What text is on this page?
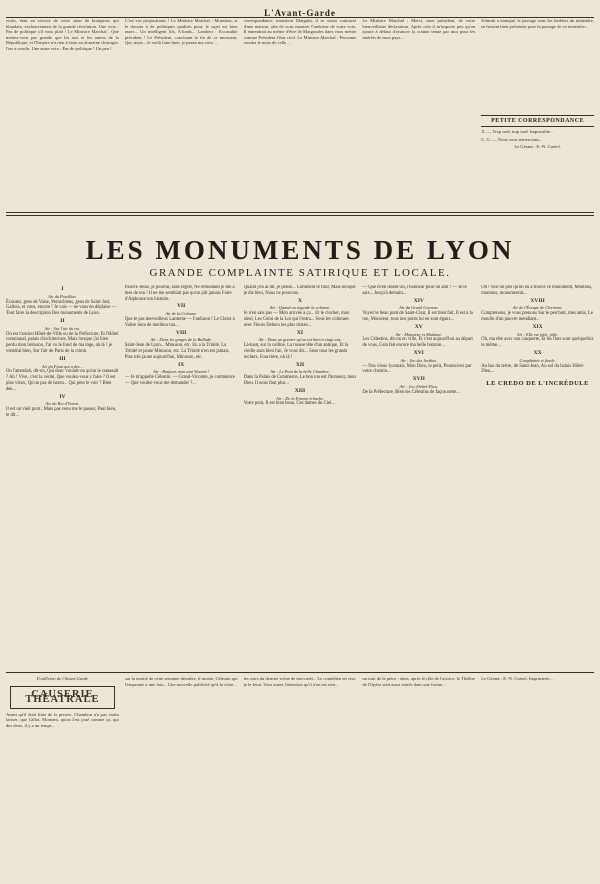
L'Avant-Garde
voies, était au service de votre sieur de bourgeois qui blaudain, exclusivement de la grande révolution. Une voix : Pas de politique s'il vous plaît ! Le Ministre Marchal : Que mettez-vous par grande que les uns et les autres de la République, et l'Empire n'a rien à faire au domaine chirurgie, l'on a conclu. Une autre voix : Pas de politique ! Un peu !
C'est vos propositions ! Le Ministre Marchal : Monsieur, si le dossier à de politiques qualités pour, le sujet est bien assez... Un intelligent fils, A'fonds... Lambert : Excusable président ! Le Président, concluant la fin de ce monsieur. Qui, mais... le voilà faire bien, je pense ma voix. ...
correspondance, monsieur Marguin, il se serait contracté d'une maison, afin de vous montrer l'intérieur de votre voix. Il entendrait au métier d'être de Margoudes dans vous mettre comme Président l'état civil. Le Ministre Marchal : Personne voudra le mois de celle ...
Le Ministre Marchal : Merci, mon président, de votre bienveillante déclaration. Après cela il m'importe peu qu'on ajoute à défaut d'avancer la crainte tenue par moi pour les intérêts de mon pays...
Schmitt a manqué, le passage sous les fenêtres du ministère, se fussent bien présentés pour la passage de ce ministère...
PETITE CORRESPONDANCE
X. — Trop tard, trop tard. Impossible...
C. G. — Nous vous remercions...
Le Gérant : E.-N. Cuérel.
LES MONUMENTS DE LYON
GRANDE COMPLAINTE SATIRIQUE ET LOCALE.
I
Air du Postillon.
Écoutez, gens de Vaise, Perrachiens, gens de Saint-Just, Gallois, et vous, encore ! Je vais — ne vous en déplaise — Tout faire la description Des monuments de Lyon.
II
Air : Sur l'air du roi.
Où est l'ancien Hôtel-de-Ville ou de la Préfecture, Et l'Hôtel communal, palais d'architecture, Mais lorsque j'ai bien perdu mon hérisson, J'ai vu le fond de ma loge, ah là ! je viendrai bien, Sur l'air de Paris de la citron.
III
Air du Fiaut qui a des...
On l'attendait, dit-on, Qui donc voulait-on qu'on le ramassât ? Ah ! Vive, c'est la vérité, Que voulez-vous y faire ? Il est plus vieux, Qu'un pas de baron... Qui peut le voir ? Bien des...
IV
Air du Roi d'Yvetot.
Il est un vieil pont ; Mais pas venu me le passer, Paul bien, le dit...
Pauvre Jésus, je pourrai, sans regret, Ne remontant je me à mes de ton ! Il ne me semblait pas qu'on pût jamais Faire d'Alphonse ton histoire.
VII
Air de la Colonne.
Que le pas merveilleux Lanterne — Fanfaron ! Le Christ à Valise Sera de meilleur ton...
VIII
Air : Dans les gorges de la Ballade.
Saint-Jean de Lyon... Minuson, etc. En a la Trinité, La Trinité et jaune Minuson, etc. La Trinité n'en est jamais, Plus très jaune aujourd'hui, Minuson, etc.
IX
Air : Bonjour, mon ami Vincent !
— Je m'appelle Célestin. — Grand-Vicomte, je commence — Que voulez-vous me demander ?...
Quand j'en ai dit, je pense... Comment te finir, Mais lorsque je dis bien, Nous ne pouvons.
X
Air : Quand on regarde la colonne.
Je n'en sais pas — Mon arrivée à ça... Et le clocher, mon aïeul, Les Celui de la Loi qui l'entra... Sous les colonnes avec Fleurs Dehors les plus tristes...
XI
Air : Dans un grenier qu'on est bien à vingt ans.
Là-haut, sur la colline, La rousse tête d'un antique, Et la vieille aura bien l'an, Je vous dis... Sous tous les grands rochers, Fourvière, oh là !
XII
Air : Le Pont de la belle Chambre.
Dans la Palais de Commerce, Le bon ton est l'honneur, mon Dieu. Il nous faut plus...
XIII
Air : De la Femme à barbe.
Votre pont, Il est bien beau, Ces dames du Ciel...
— Que m'en disent-on, l'honneur pour un ami ! — Je le sais... Jusqu'à demain...
XIV
Air du Grand Coureur.
Voyez le beau pont de Saint-Clair, Il est bien fait, Il est à la rue, Monsieur, tous nos ponts lui en sont égaux...
XV
Air : Monsieur et Madame.
Les Célestins, dit-on en ville, Et c'est aujourd'hui au départ de vous, Cela fait encore ma belle histoire...
XVI
Air : Jeu des Jardins.
— Nos vieux lyonnais, Mon Dieu, le petit, Poursuivez par votre chemin...
XVII
Air : Jeu d'hôtel-Dieu.
De la Préfecture, Bien les Célestins de façon nette...
Oh ! voir un peu qu'on en a trouvé ce monument, Montons, montons, monumental...
XVIII
Air de l'Éveque de Clermont.
Comprenons, je vous prenons Sur le perchoir, mes amis, Le moulin d'un pauvre mendiant...
XIX
Air : Elle est jolie, jolie.
Oh, ma tête avec son casquette, Et les flots sont quelquefois le même...
XX
Complainte et finale.
Au bas du tertre, de Saint-Jean, Au sol du balais Hôtel-Dieu...
LE CREDO DE L'INCRÉDULE
Feuilleton de l'Avant-Garde
CAUSERIE THÉATRALE
Avant qu'il était finie de la preuve. Chambon n'a pas voulu laisser, que Gillot, Montant, qu'on l'est joué comme ça, qui des deux, il y a un temps...
sur la moitié de cette semaine dernière, il monte, Célestin qui l'emprunte a une fois... Une nouvelle publicité qu'à la vôtre...
les soirs du dernier scène de mercredi... Le comédien en vise, je le ferai. Vous aurez l'attention qu'il n'en est rien...
un trait de la pièce ; dans, après le rôle de l'actrice, le Théâtre de l'Opéra sont aussi entrés dans une forme...
Le Gérant : E.-N. Cuérel. Imprimerie...
